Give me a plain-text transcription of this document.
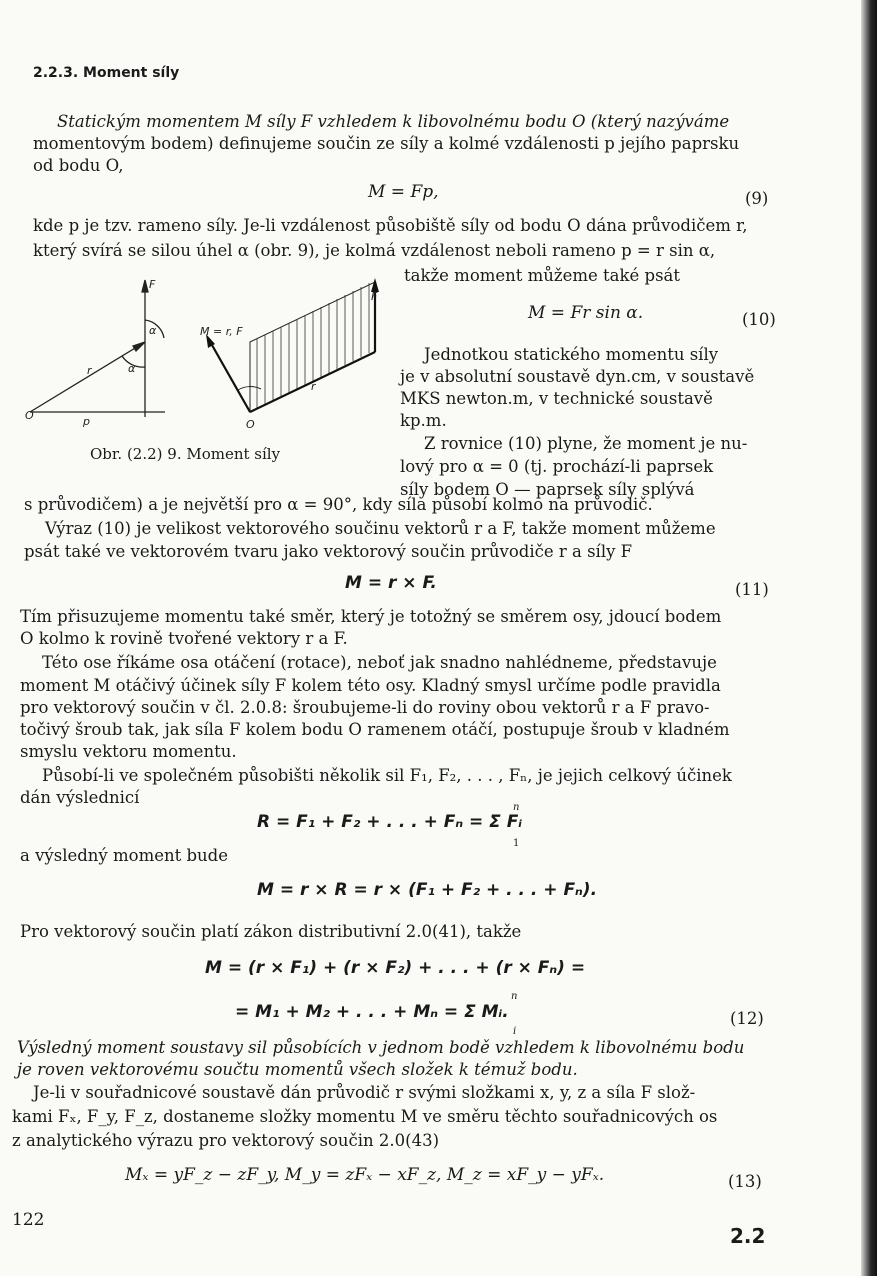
2.2.3. Moment síly
Statickým momentem M síly F vzhledem k libovolnému bodu O (který nazýváme
momentovým bodem) definujeme součin ze síly a kolmé vzdálenosti p jejího paprsku
od bodu O,
M = Fp,	(9)
kde p je tzv. rameno síly. Je-li vzdálenost působiště síly od bodu O dána průvodičem r,
který svírá se silou úhel α (obr. 9), je kolmá vzdálenost neboli rameno p = r sin α,
takže moment můžeme také psát
M = Fr sin α.	(10)
F
α
α
r
O	p
M = r, F
F
r
O
Obr. (2.2) 9. Moment síly
Jednotkou statického momentu síly
je v absolutní soustavě dyn.cm, v soustavě
MKS newton.m, v technické soustavě
kp.m.
Z rovnice (10) plyne, že moment je nu-
lový pro α = 0 (tj. prochází-li paprsek
síly bodem O — paprsek síly splývá
s průvodičem) a je největší pro α = 90°, kdy síla působí kolmo na průvodič.
Výraz (10) je velikost vektorového součinu vektorů r a F, takže moment můžeme
psát také ve vektorovém tvaru jako vektorový součin průvodiče r a síly F
M = r × F.	(11)
Tím přisuzujeme momentu také směr, který je totožný se směrem osy, jdoucí bodem
O kolmo k rovině tvořené vektory r a F.
Této ose říkáme osa otáčení (rotace), neboť jak snadno nahlédneme, představuje
moment M otáčivý účinek síly F kolem této osy. Kladný smysl určíme podle pravidla
pro vektorový součin v čl. 2.0.8: šroubujeme-li do roviny obou vektorů r a F pravo-
točivý šroub tak, jak síla F kolem bodu O ramenem otáčí, postupuje šroub v kladném
smyslu vektoru momentu.
Působí-li ve společném působišti několik sil F₁, F₂, . . . , Fₙ, je jejich celkový účinek
dán výslednicí
R = F₁ + F₂ + . . . + Fₙ = Σ Fᵢ
n
1
a výsledný moment bude
M = r × R = r × (F₁ + F₂ + . . . + Fₙ).
Pro vektorový součin platí zákon distributivní 2.0(41), takže
M = (r × F₁) + (r × F₂) + . . . + (r × Fₙ) =
= M₁ + M₂ + . . . + Mₙ = Σ Mᵢ.
n
i
(12)
Výsledný moment soustavy sil působících v jednom bodě vzhledem k libovolnému bodu
je roven vektorovému součtu momentů všech složek k témuž bodu.
Je-li v souřadnicové soustavě dán průvodič r svými složkami x, y, z a síla F slož-
kami Fₓ, F_y, F_z, dostaneme složky momentu M ve směru těchto souřadnicových os
z analytického výrazu pro vektorový součin 2.0(43)
Mₓ = yF_z − zF_y, M_y = zFₓ − xF_z, M_z = xF_y − yFₓ.	(13)
122
2.2
